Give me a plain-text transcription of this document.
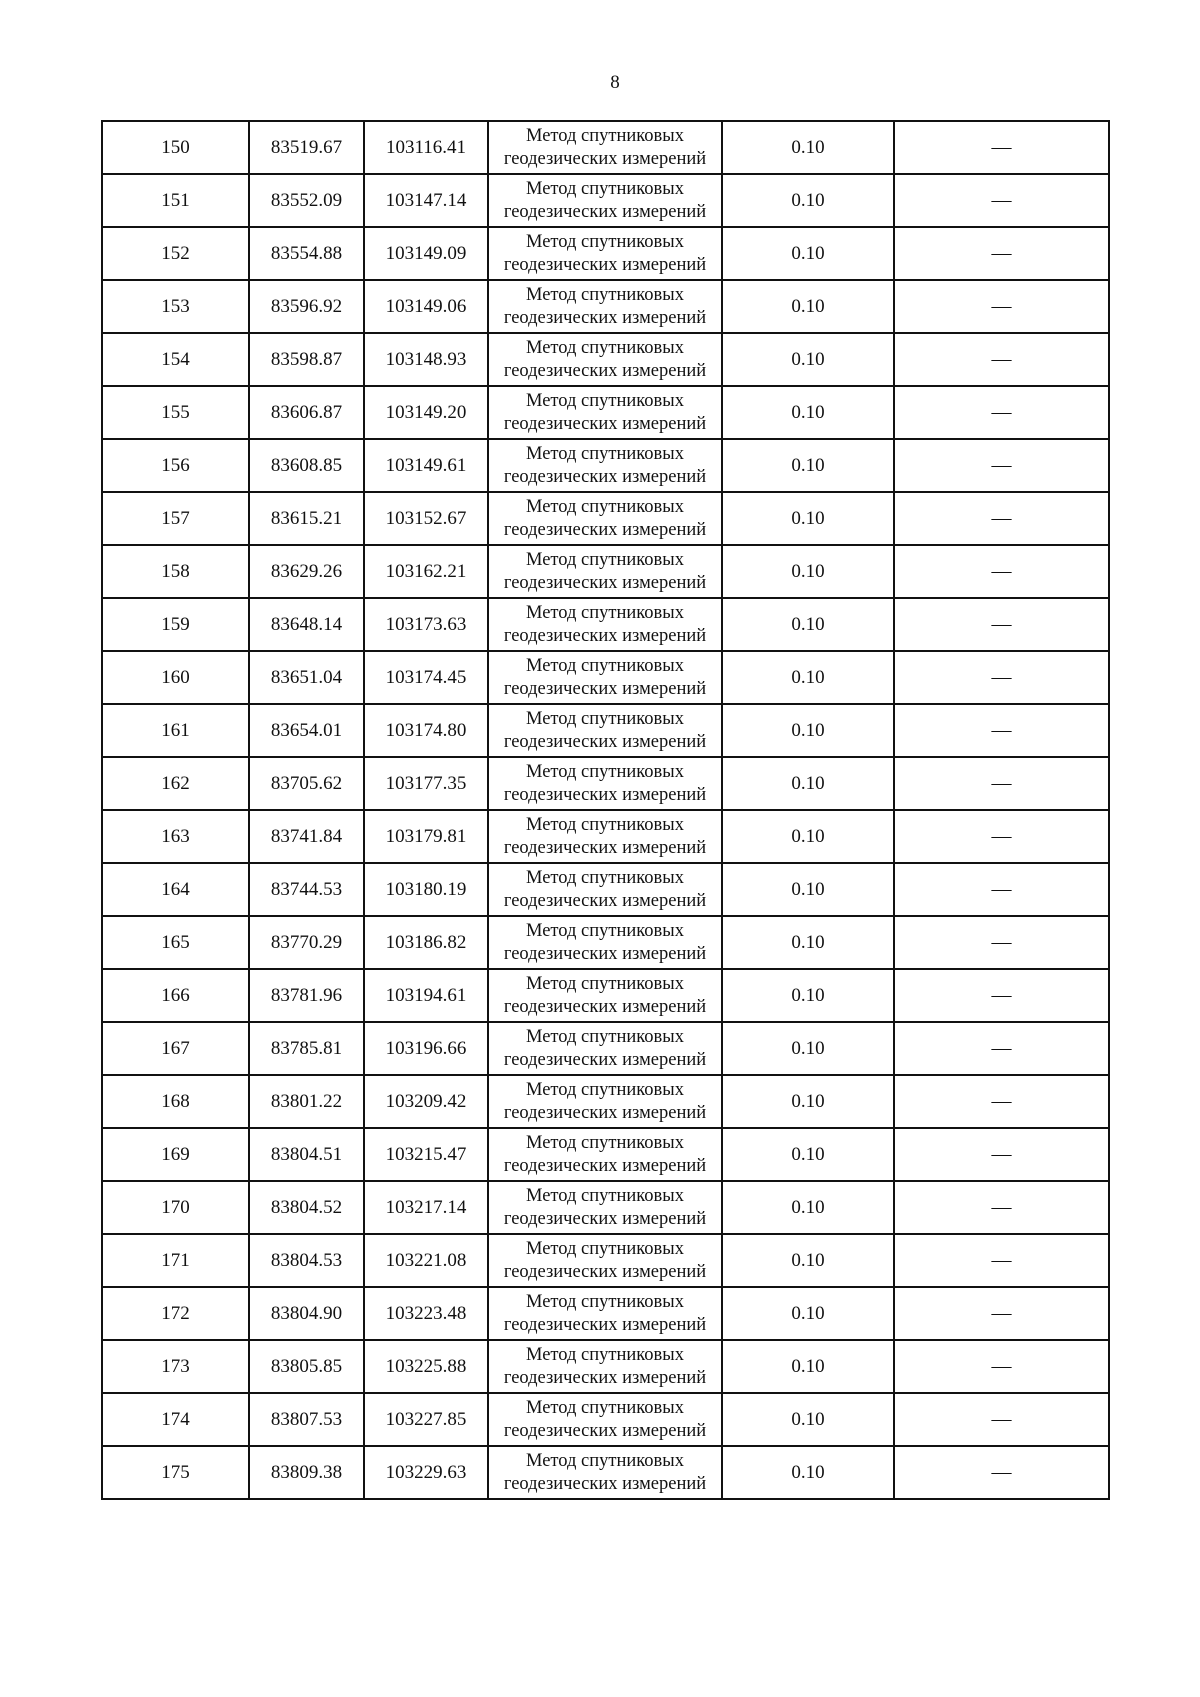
8
150	83519.67	103116.41	Метод спутниковых
геодезических измерений	0.10	—
151	83552.09	103147.14	Метод спутниковых
геодезических измерений	0.10	—
152	83554.88	103149.09	Метод спутниковых
геодезических измерений	0.10	—
153	83596.92	103149.06	Метод спутниковых
геодезических измерений	0.10	—
154	83598.87	103148.93	Метод спутниковых
геодезических измерений	0.10	—
155	83606.87	103149.20	Метод спутниковых
геодезических измерений	0.10	—
156	83608.85	103149.61	Метод спутниковых
геодезических измерений	0.10	—
157	83615.21	103152.67	Метод спутниковых
геодезических измерений	0.10	—
158	83629.26	103162.21	Метод спутниковых
геодезических измерений	0.10	—
159	83648.14	103173.63	Метод спутниковых
геодезических измерений	0.10	—
160	83651.04	103174.45	Метод спутниковых
геодезических измерений	0.10	—
161	83654.01	103174.80	Метод спутниковых
геодезических измерений	0.10	—
162	83705.62	103177.35	Метод спутниковых
геодезических измерений	0.10	—
163	83741.84	103179.81	Метод спутниковых
геодезических измерений	0.10	—
164	83744.53	103180.19	Метод спутниковых
геодезических измерений	0.10	—
165	83770.29	103186.82	Метод спутниковых
геодезических измерений	0.10	—
166	83781.96	103194.61	Метод спутниковых
геодезических измерений	0.10	—
167	83785.81	103196.66	Метод спутниковых
геодезических измерений	0.10	—
168	83801.22	103209.42	Метод спутниковых
геодезических измерений	0.10	—
169	83804.51	103215.47	Метод спутниковых
геодезических измерений	0.10	—
170	83804.52	103217.14	Метод спутниковых
геодезических измерений	0.10	—
171	83804.53	103221.08	Метод спутниковых
геодезических измерений	0.10	—
172	83804.90	103223.48	Метод спутниковых
геодезических измерений	0.10	—
173	83805.85	103225.88	Метод спутниковых
геодезических измерений	0.10	—
174	83807.53	103227.85	Метод спутниковых
геодезических измерений	0.10	—
175	83809.38	103229.63	Метод спутниковых
геодезических измерений	0.10	—
